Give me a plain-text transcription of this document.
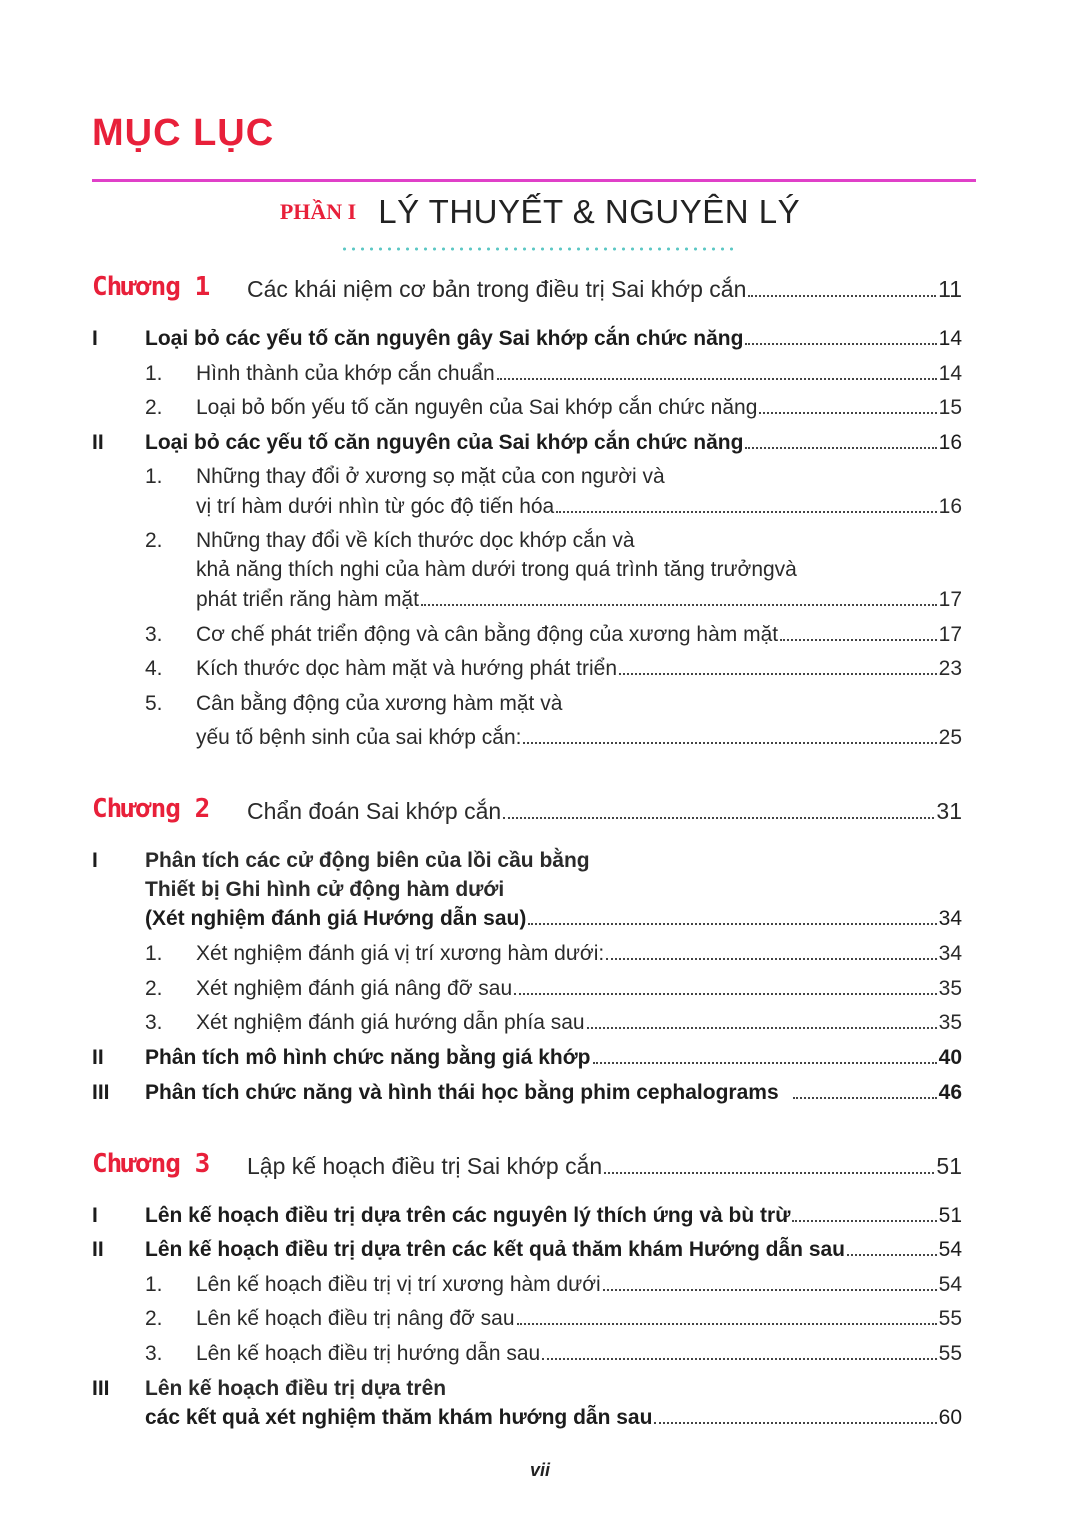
MỤC LỤC
PHẦN I LÝ THUYẾT & NGUYÊN LÝ
Chương 1 Các khái niệm cơ bản trong điều trị Sai khớp cắn	11
I Loại bỏ các yếu tố căn nguyên gây Sai khớp cắn chức năng	14
1. Hình thành của khớp cắn chuẩn	14
2. Loại bỏ bốn yếu tố căn nguyên của Sai khớp cắn chức năng	15
II Loại bỏ các yếu tố căn nguyên của Sai khớp cắn chức năng	16
1. Những thay đổi ở xương sọ mặt của con người và
vị trí hàm dưới nhìn từ góc độ tiến hóa	16
2. Những thay đổi về kích thước dọc khớp cắn và
khả năng thích nghi của hàm dưới trong quá trình tăng trưởngvà
phát triển răng hàm mặt	17
3. Cơ chế phát triển động và cân bằng động của xương hàm mặt	17
4. Kích thước dọc hàm mặt và hướng phát triển	23
5. Cân bằng động của xương hàm mặt và
yếu tố bệnh sinh của sai khớp cắn:	25
Chương 2 Chẩn đoán Sai khớp cắn	31
I Phân tích các cử động biên của lồi cầu bằng
Thiết bị Ghi hình cử động hàm dưới
(Xét nghiệm đánh giá Hướng dẫn sau)	34
1. Xét nghiệm đánh giá vị trí xương hàm dưới:	34
2. Xét nghiệm đánh giá nâng đỡ sau	35
3. Xét nghiệm đánh giá hướng dẫn phía sau	35
II Phân tích mô hình chức năng bằng giá khớp	40
III Phân tích chức năng và hình thái học bằng phim cephalograms	46
Chương 3 Lập kế hoạch điều trị Sai khớp cắn	51
I Lên kế hoạch điều trị dựa trên các nguyên lý thích ứng và bù trừ	51
II Lên kế hoạch điều trị dựa trên các kết quả thăm khám Hướng dẫn sau	54
1. Lên kế hoạch điều trị vị trí xương hàm dưới	54
2. Lên kế hoạch điều trị nâng đỡ sau	55
3. Lên kế hoạch điều trị hướng dẫn sau	55
III Lên kế hoạch điều trị dựa trên
các kết quả xét nghiệm thăm khám hướng dẫn sau	60
vii
